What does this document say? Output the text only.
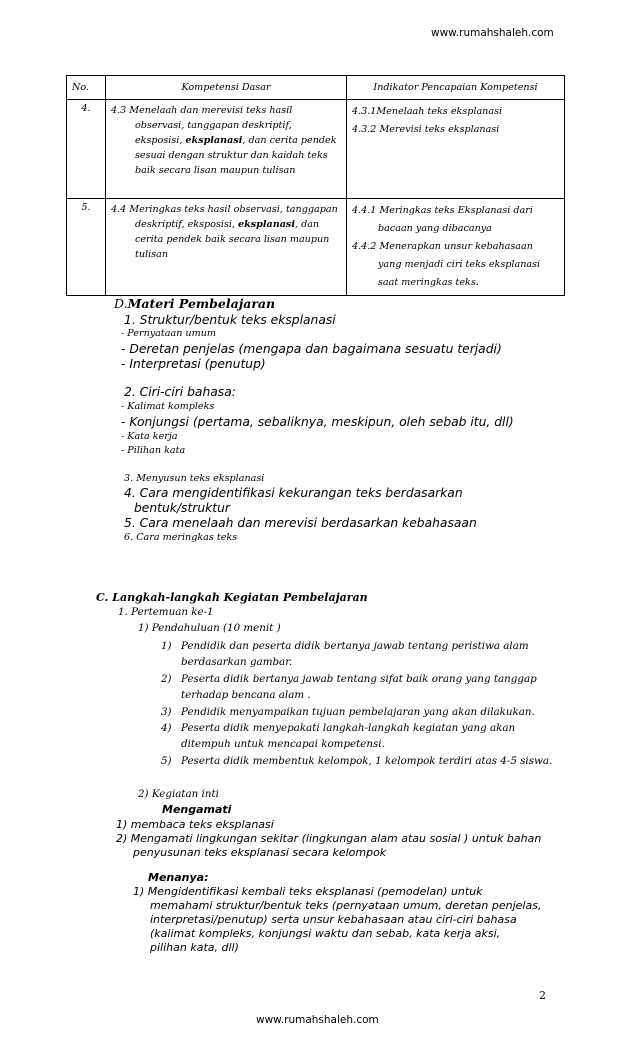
www.rumahshaleh.com
No.	Kompetensi Dasar	Indikator Pencapaian Kompetensi
4.	4.3 Menelaah dan merevisi teks hasil observasi, tanggapan deskriptif, eksposisi, eksplanasi, dan cerita pendek sesuai dengan struktur dan kaidah teks baik secara lisan maupun tulisan	4.3.1Menelaah teks eksplanasi
4.3.2 Merevisi teks eksplanasi

5.	4.4 Meringkas teks hasil observasi, tanggapan deskriptif, eksposisi, eksplanasi, dan cerita pendek baik secara lisan maupun tulisan	4.4.1 Meringkas teks Eksplanasi dari bacaan yang dibacanya
4.4.2 Menerapkan unsur kebahasaan yang menjadi ciri teks eksplanasi saat meringkas teks.
D.Materi Pembelajaran
1. Struktur/bentuk teks eksplanasi
- Pernyataan umum
- Deretan penjelas (mengapa dan bagaimana sesuatu terjadi)
- Interpretasi (penutup)
2. Ciri-ciri bahasa:
- Kalimat kompleks
- Konjungsi (pertama, sebaliknya, meskipun, oleh sebab itu, dll)
- Kata kerja
- Pilihan kata
3. Menyusun teks eksplanasi
4. Cara mengidentifikasi kekurangan teks berdasarkan
bentuk/struktur
5. Cara menelaah dan merevisi berdasarkan kebahasaan
6. Cara meringkas teks
C. Langkah-langkah Kegiatan Pembelajaran
1. Pertemuan ke-1
1) Pendahuluan (10 menit )
1) Pendidik dan peserta didik bertanya jawab tentang peristiwa alam
berdasarkan gambar.
2) Peserta didik bertanya jawab tentang sifat baik orang yang tanggap
terhadap bencana alam .
3) Pendidik menyampaikan tujuan pembelajaran yang akan dilakukan.
4) Peserta didik menyepakati langkah-langkah kegiatan yang akan
ditempuh untuk mencapai kompetensi.
5) Peserta didik membentuk kelompok, 1 kelompok terdiri atas 4-5 siswa.
2) Kegiatan inti
Mengamati
1) membaca teks eksplanasi
2) Mengamati lingkungan sekitar (lingkungan alam atau sosial ) untuk bahan
penyusunan teks eksplanasi secara kelompok
Menanya:
1) Mengidentifikasi kembali teks eksplanasi (pemodelan) untuk
memahami struktur/bentuk teks (pernyataan umum, deretan penjelas,
interpretasi/penutup) serta unsur kebahasaan atau ciri-ciri bahasa
(kalimat kompleks, konjungsi waktu dan sebab, kata kerja aksi,
pilihan kata, dll)
2
www.rumahshaleh.com
